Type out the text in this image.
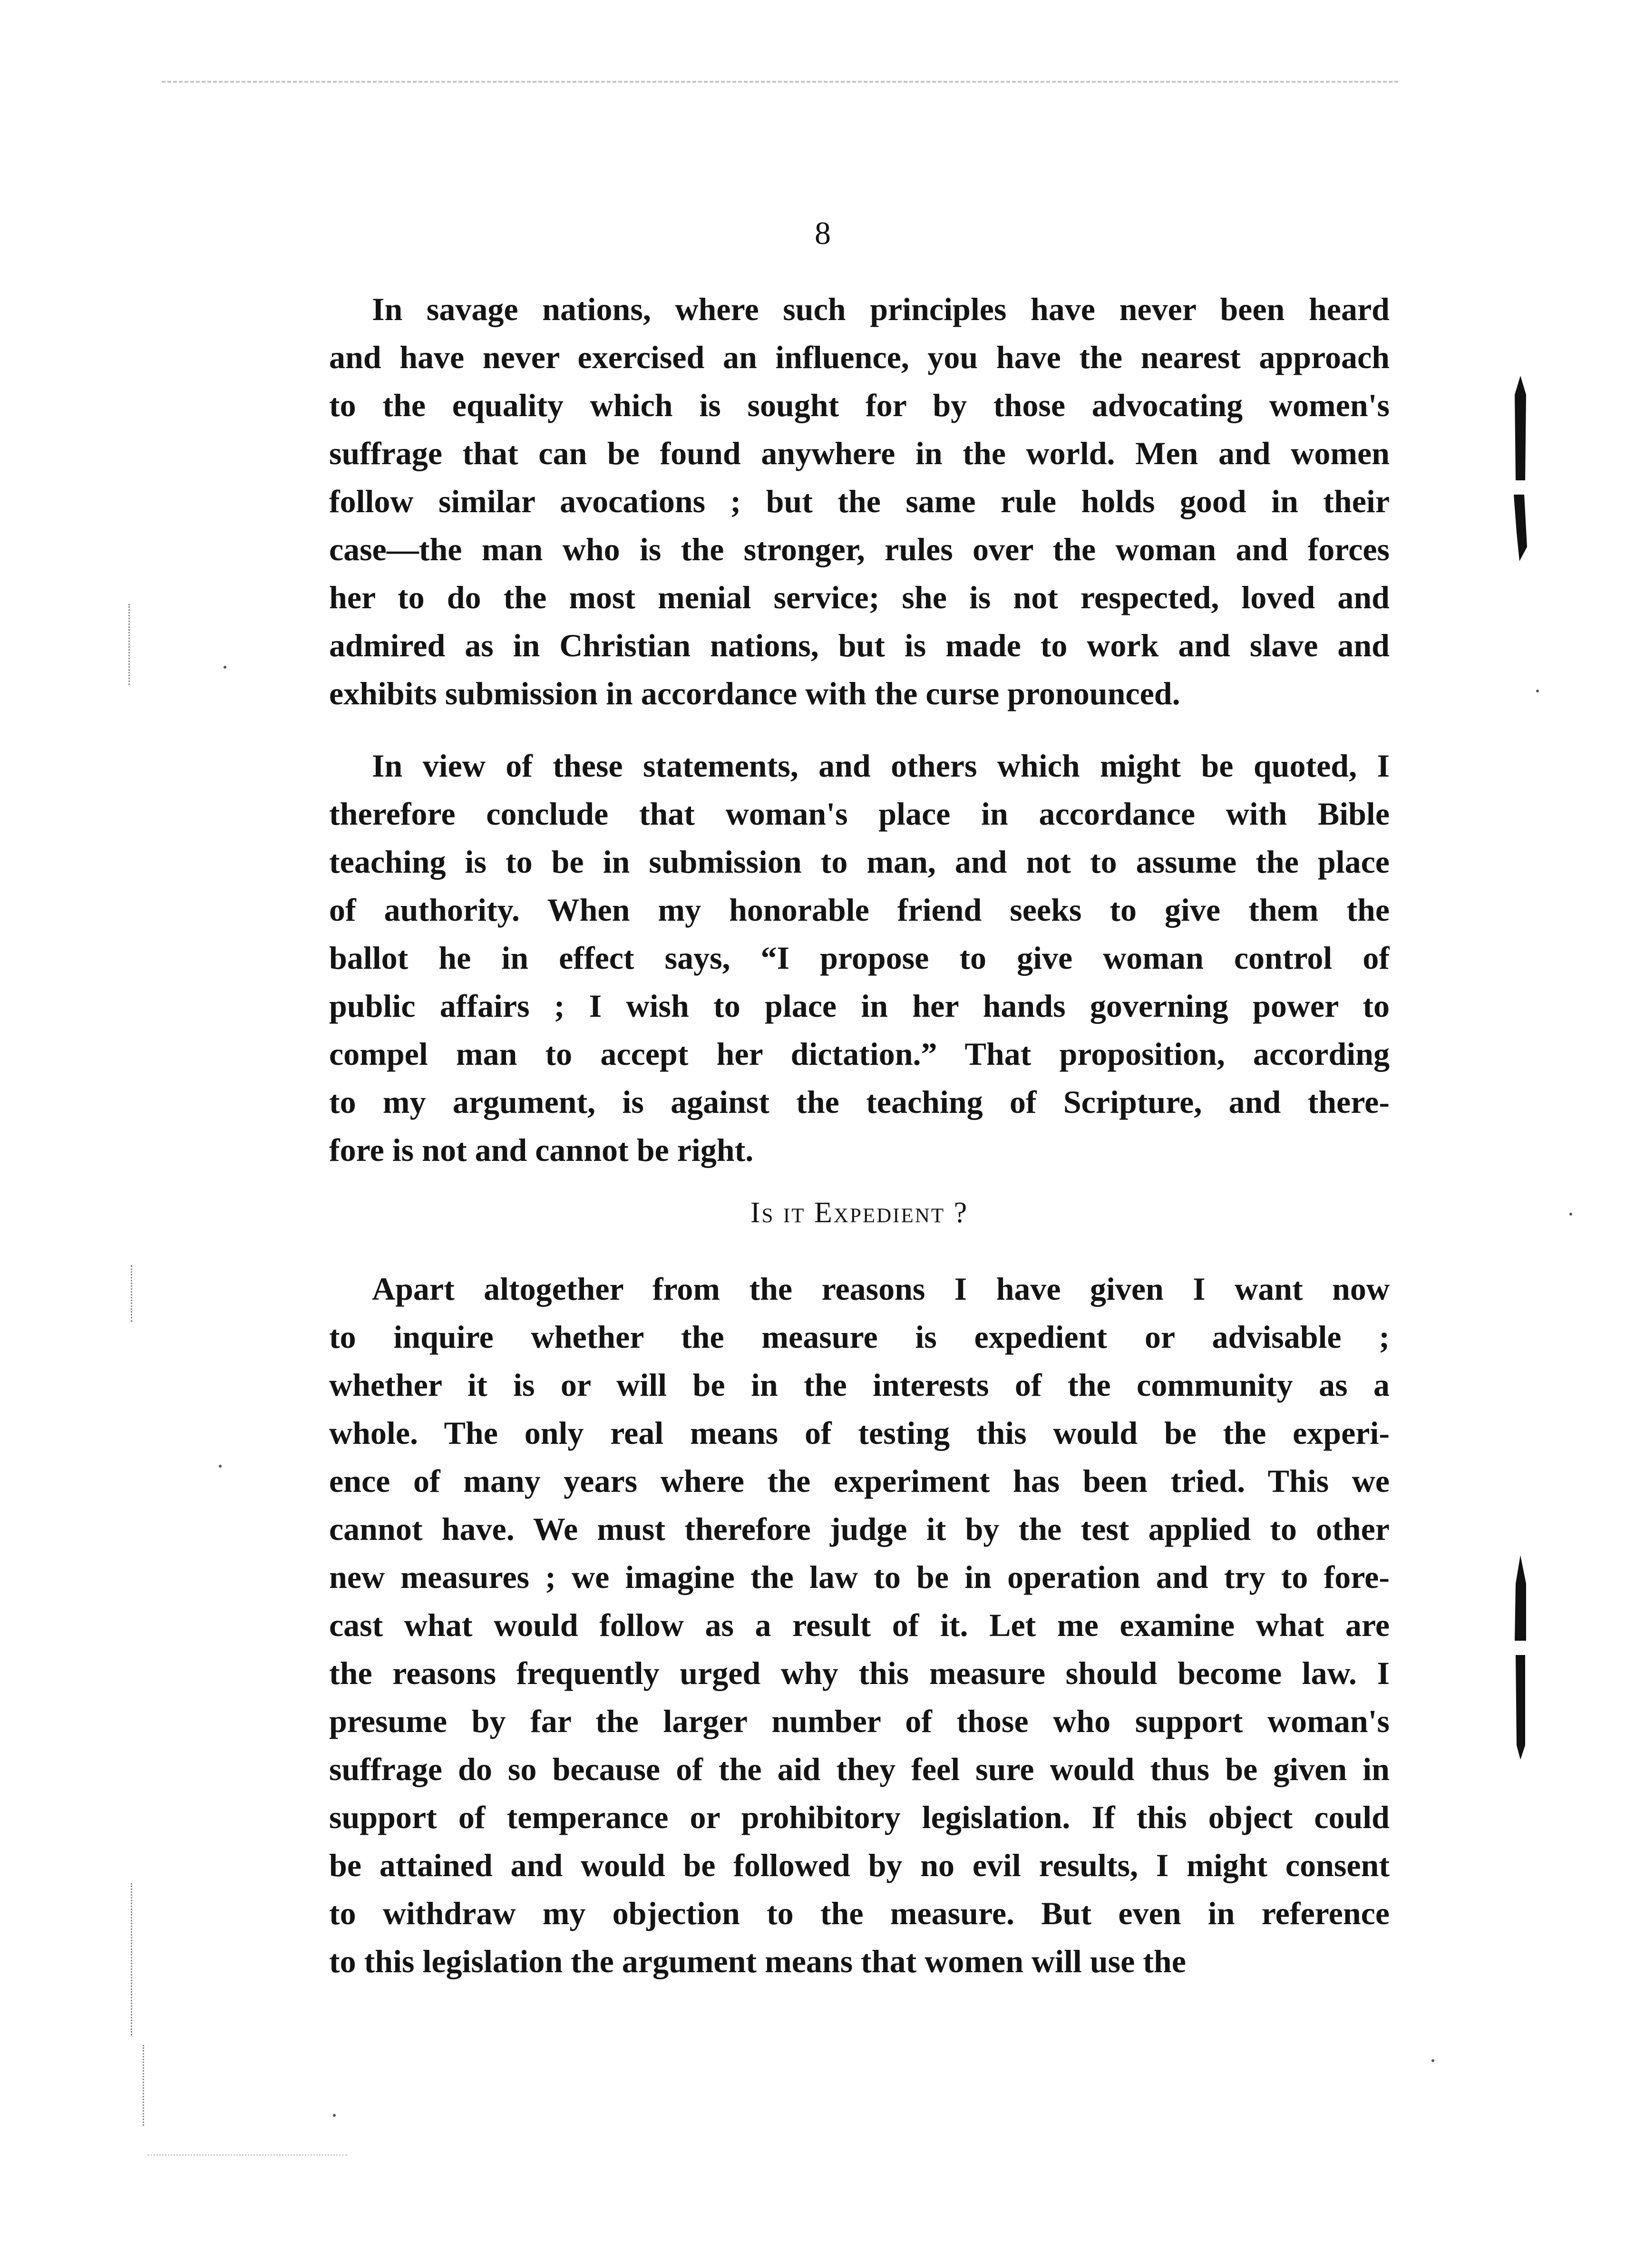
8
In savage nations, where such principles have never been heard
and have never exercised an influence, you have the nearest approach
to the equality which is sought for by those advocating women's
suffrage that can be found anywhere in the world. Men and women
follow similar avocations ; but the same rule holds good in their
case—the man who is the stronger, rules over the woman and forces
her to do the most menial service; she is not respected, loved and
admired as in Christian nations, but is made to work and slave and
exhibits submission in accordance with the curse pronounced.
In view of these statements, and others which might be quoted, I
therefore conclude that woman's place in accordance with Bible
teaching is to be in submission to man, and not to assume the place
of authority. When my honorable friend seeks to give them the
ballot he in effect says, “I propose to give woman control of
public affairs ; I wish to place in her hands governing power to
compel man to accept her dictation.” That proposition, according
to my argument, is against the teaching of Scripture, and there-
fore is not and cannot be right.
Is it Expedient ?
Apart altogether from the reasons I have given I want now
to inquire whether the measure is expedient or advisable ;
whether it is or will be in the interests of the community as a
whole. The only real means of testing this would be the experi-
ence of many years where the experiment has been tried. This we
cannot have. We must therefore judge it by the test applied to other
new measures ; we imagine the law to be in operation and try to fore-
cast what would follow as a result of it. Let me examine what are
the reasons frequently urged why this measure should become law. I
presume by far the larger number of those who support woman's
suffrage do so because of the aid they feel sure would thus be given in
support of temperance or prohibitory legislation. If this object could
be attained and would be followed by no evil results, I might consent
to withdraw my objection to the measure. But even in reference
to this legislation the argument means that women will use the
